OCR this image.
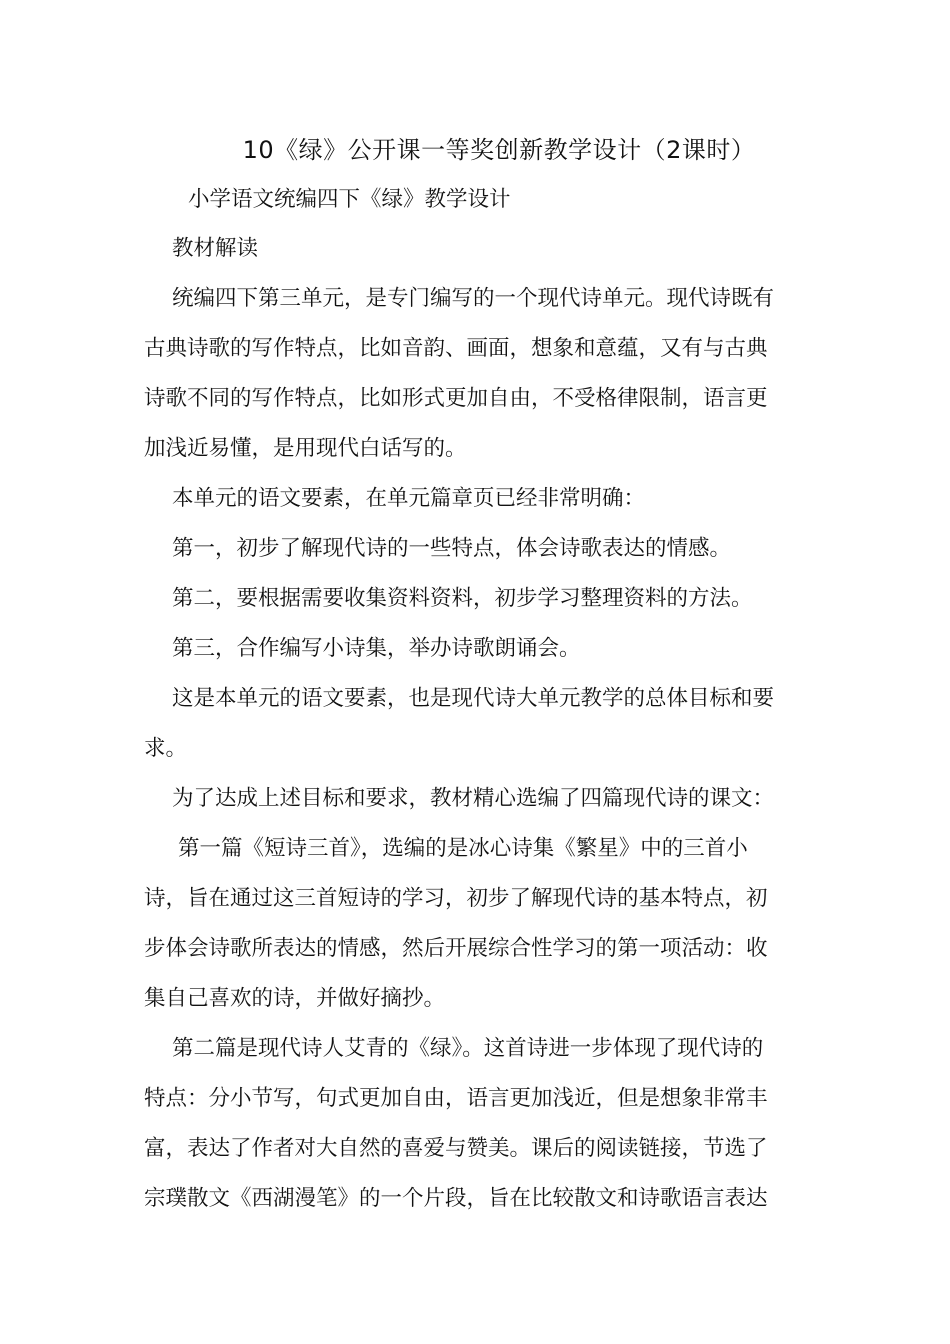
10《绿》公开课一等奖创新教学设计（2课时）
小学语文统编四下《绿》教学设计
教材解读
统编四下第三单元，是专门编写的一个现代诗单元。现代诗既有
古典诗歌的写作特点，比如音韵、画面，想象和意蕴，又有与古典
诗歌不同的写作特点，比如形式更加自由，不受格律限制，语言更
加浅近易懂，是用现代白话写的。
本单元的语文要素，在单元篇章页已经非常明确：
第一，初步了解现代诗的一些特点，体会诗歌表达的情感。
第二，要根据需要收集资料资料，初步学习整理资料的方法。
第三，合作编写小诗集，举办诗歌朗诵会。
这是本单元的语文要素，也是现代诗大单元教学的总体目标和要
求。
为了达成上述目标和要求，教材精心选编了四篇现代诗的课文：
第一篇《短诗三首》，选编的是冰心诗集《繁星》中的三首小
诗，旨在通过这三首短诗的学习，初步了解现代诗的基本特点，初
步体会诗歌所表达的情感，然后开展综合性学习的第一项活动：收
集自己喜欢的诗，并做好摘抄。
第二篇是现代诗人艾青的《绿》。这首诗进一步体现了现代诗的
特点：分小节写，句式更加自由，语言更加浅近，但是想象非常丰
富，表达了作者对大自然的喜爱与赞美。课后的阅读链接，节选了
宗璞散文《西湖漫笔》的一个片段，旨在比较散文和诗歌语言表达
